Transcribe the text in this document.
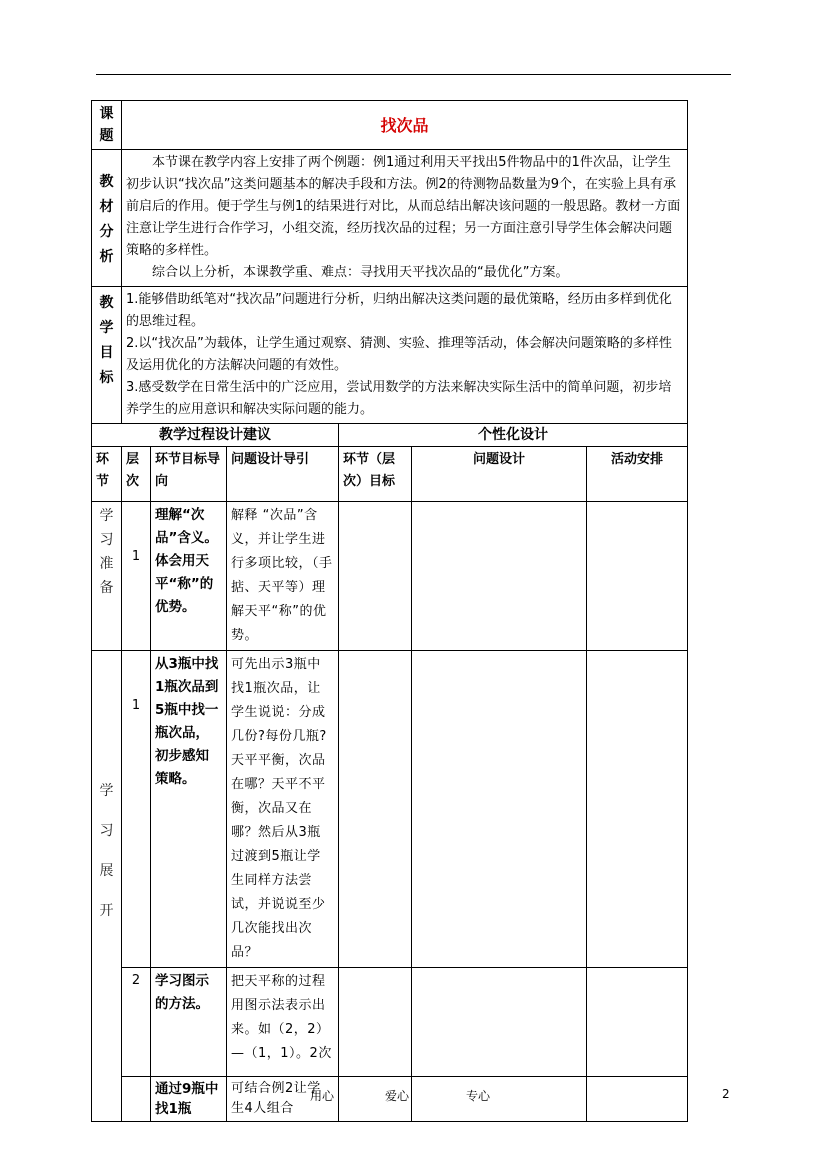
课题	找次品					
教材分析	本节课在教学内容上安排了两个例题：例1通过利用天平找出5件物品中的1件次品，让学生初步认识“找次品”这类问题基本的解决手段和方法。例2的待测物品数量为9个，在实验上具有承前启后的作用。便于学生与例1的结果进行对比，从而总结出解决该问题的一般思路。教材一方面注意让学生进行合作学习，小组交流，经历找次品的过程；另一方面注意引导学生体会解决问题策略的多样性。

综合以上分析，本课教学重、难点：寻找用天平找次品的“最优化”方案。					

教学目标	1.能够借助纸笔对“找次品”问题进行分析，归纳出解决这类问题的最优策略，经历由多样到优化的思维过程。

2.以“找次品”为载体，让学生通过观察、猜测、实验、推理等活动，体会解决问题策略的多样性及运用优化的方法解决问题的有效性。

3.感受数学在日常生活中的广泛应用，尝试用数学的方法来解决实际生活中的简单问题，初步培养学生的应用意识和解决实际问题的能力。					

教学过程设计建议				个性化设计		
环节	层次	环节目标导向	问题设计导引	环节（层次）目标	问题设计	活动安排
学习准备	1	理解“次品”含义。体会用天平“称”的优势。	解释 “次品”含义，并让学生进行多项比较，（手掂、天平等）理解天平“称”的优势。			
学习展开	1	从3瓶中找1瓶次品到5瓶中找一瓶次品，初步感知策略。	可先出示3瓶中找1瓶次品，让学生说说：分成几份?每份几瓶?天平平衡，次品在哪？天平不平衡，次品又在哪？然后从3瓶过渡到5瓶让学生同样方法尝试，并说说至少几次能找出次品？			
	2	学习图示的方法。	把天平称的过程用图示法表示出来。如（2，2）—（1，1）。2次			
		通过9瓶中找1瓶	可结合例2让学生4人组合			
用心	爱心	专心	2
